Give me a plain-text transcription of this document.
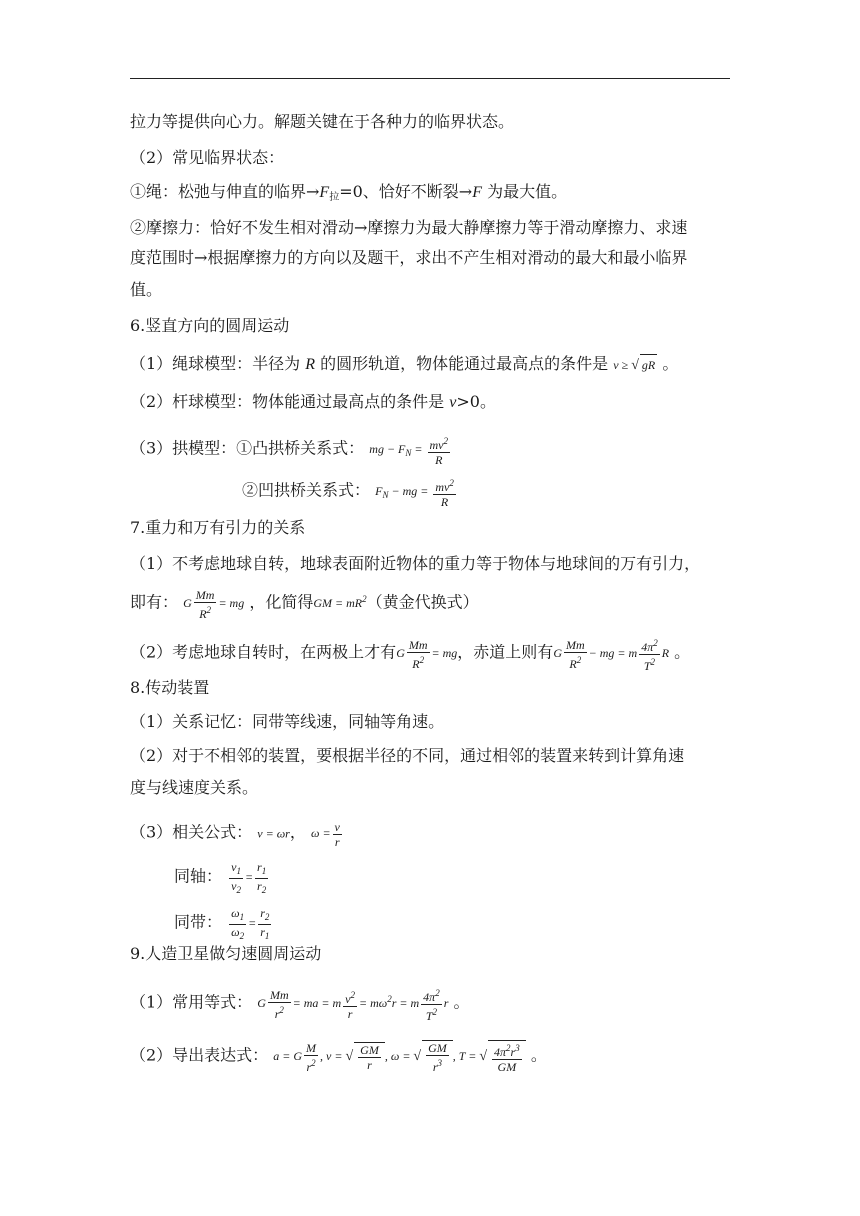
拉力等提供向心力。解题关键在于各种力的临界状态。
（2）常见临界状态：
①绳：松弛与伸直的临界→F拉=0、恰好不断裂→F 为最大值。
②摩擦力：恰好不发生相对滑动→摩擦力为最大静摩擦力等于滑动摩擦力、求速
度范围时→根据摩擦力的方向以及题干，求出不产生相对滑动的最大和最小临界
值。
6.竖直方向的圆周运动
（1）绳球模型：半径为 R 的圆形轨道，物体能通过最高点的条件是 v ≥ √ gR 。
（2）杆球模型：物体能通过最高点的条件是 v>0。
（3）拱模型：①凸拱桥关系式： mg − $F_N = \frac{mv^2}{R}$
②凹拱桥关系式： $F_N$ − mg = $\frac{mv^2}{R}$
7.重力和万有引力的关系
（1）不考虑地球自转，地球表面附近物体的重力等于物体与地球间的万有引力，
即有： G $\frac{Mm}{R^2}$ = mg ，化简得GM = $mR^2$（黄金代换式）
（2）考虑地球自转时，在两极上才有G $\frac{Mm}{R^2}$ = mg，赤道上则有G $\frac{Mm}{R^2}$ − mg = m $\frac{4\pi^2}{T^2}$ R 。
8.传动装置
（1）关系记忆：同带等线速，同轴等角速。
（2）对于不相邻的装置，要根据半径的不同，通过相邻的装置来转到计算角速
度与线速度关系。
（3）相关公式： v = ωr， $\omega = \frac{v}{r}$
同轴： $\frac{v_1}{v_2} = \frac{r_1}{r_2}$
同带： $\frac{\omega_1}{\omega_2} = \frac{r_2}{r_1}$
9.人造卫星做匀速圆周运动
（1）常用等式： G $\frac{Mm}{r^2}$ = ma = m $\frac{v^2}{r} = m\omega^2r = m \frac{4\pi^2}{T^2}$ r 。
（2）导出表达式： a = G $\frac{M}{r^2}$ , v = √ $\frac{GM}{r}$ , ω = √ $\frac{GM}{r^3}$ , T = √ $\frac{4\pi^2r^3}{GM}$ 。
